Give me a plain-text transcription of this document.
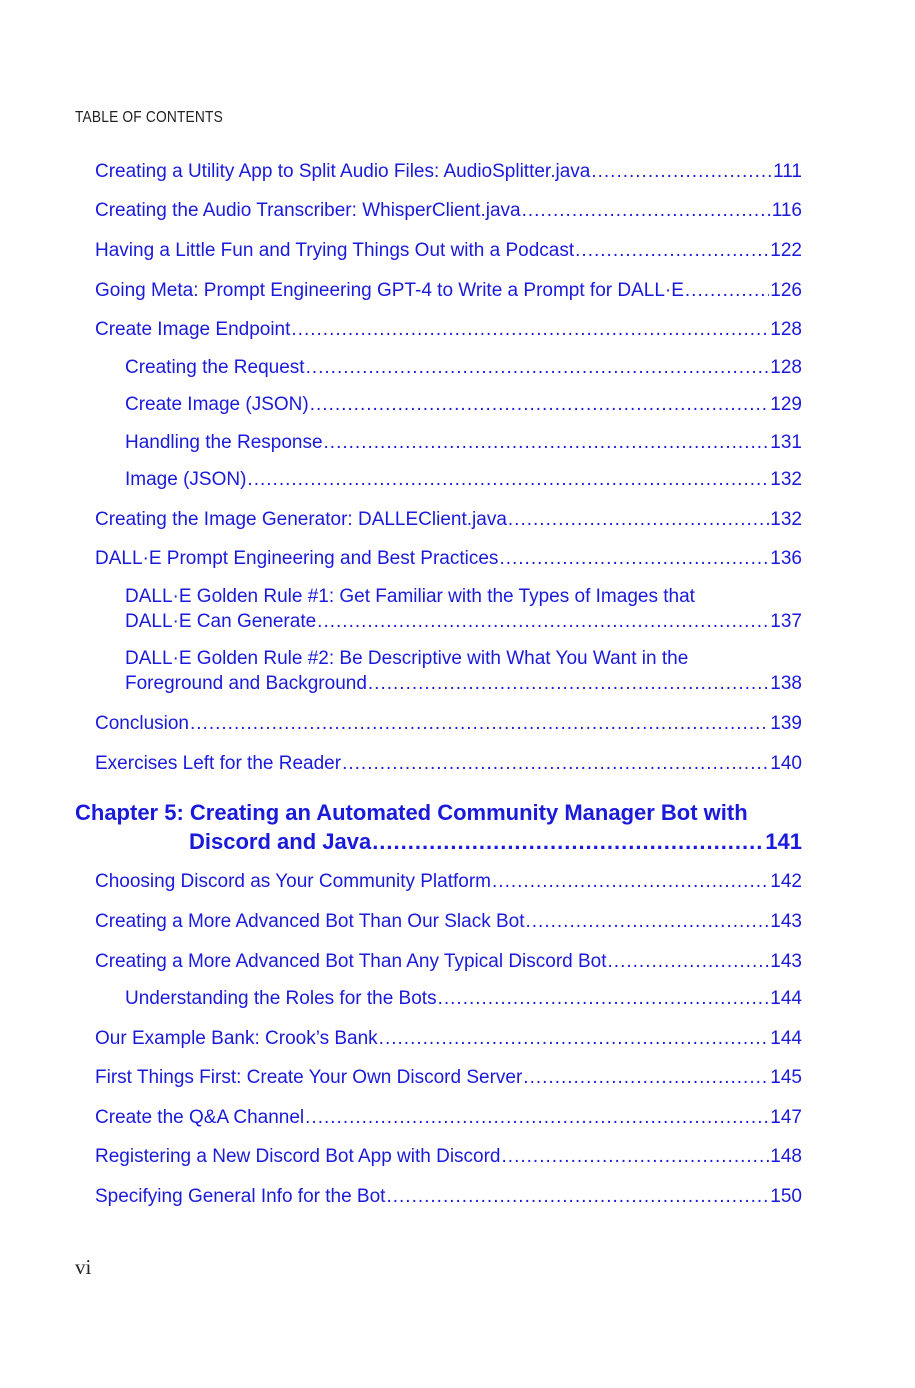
TABLE OF CONTENTS
Creating a Utility App to Split Audio Files: AudioSplitter.java .....	111
Creating the Audio Transcriber: WhisperClient.java .....	116
Having a Little Fun and Trying Things Out with a Podcast .....	122
Going Meta: Prompt Engineering GPT-4 to Write a Prompt for DALL·E .....	126
Create Image Endpoint .....	128
Creating the Request .....	128
Create Image (JSON) .....	129
Handling the Response .....	131
Image (JSON) .....	132
Creating the Image Generator: DALLEClient.java .....	132
DALL·E Prompt Engineering and Best Practices .....	136
DALL·E Golden Rule #1: Get Familiar with the Types of Images that
DALL·E Can Generate .....	137
DALL·E Golden Rule #2: Be Descriptive with What You Want in the
Foreground and Background .....	138
Conclusion .....	139
Exercises Left for the Reader .....	140
Chapter 5: Creating an Automated Community Manager Bot with
Discord and Java .....	141
Choosing Discord as Your Community Platform .....	142
Creating a More Advanced Bot Than Our Slack Bot .....	143
Creating a More Advanced Bot Than Any Typical Discord Bot .....	143
Understanding the Roles for the Bots .....	144
Our Example Bank: Crook’s Bank .....	144
First Things First: Create Your Own Discord Server .....	145
Create the Q&A Channel .....	147
Registering a New Discord Bot App with Discord .....	148
Specifying General Info for the Bot .....	150
vi
